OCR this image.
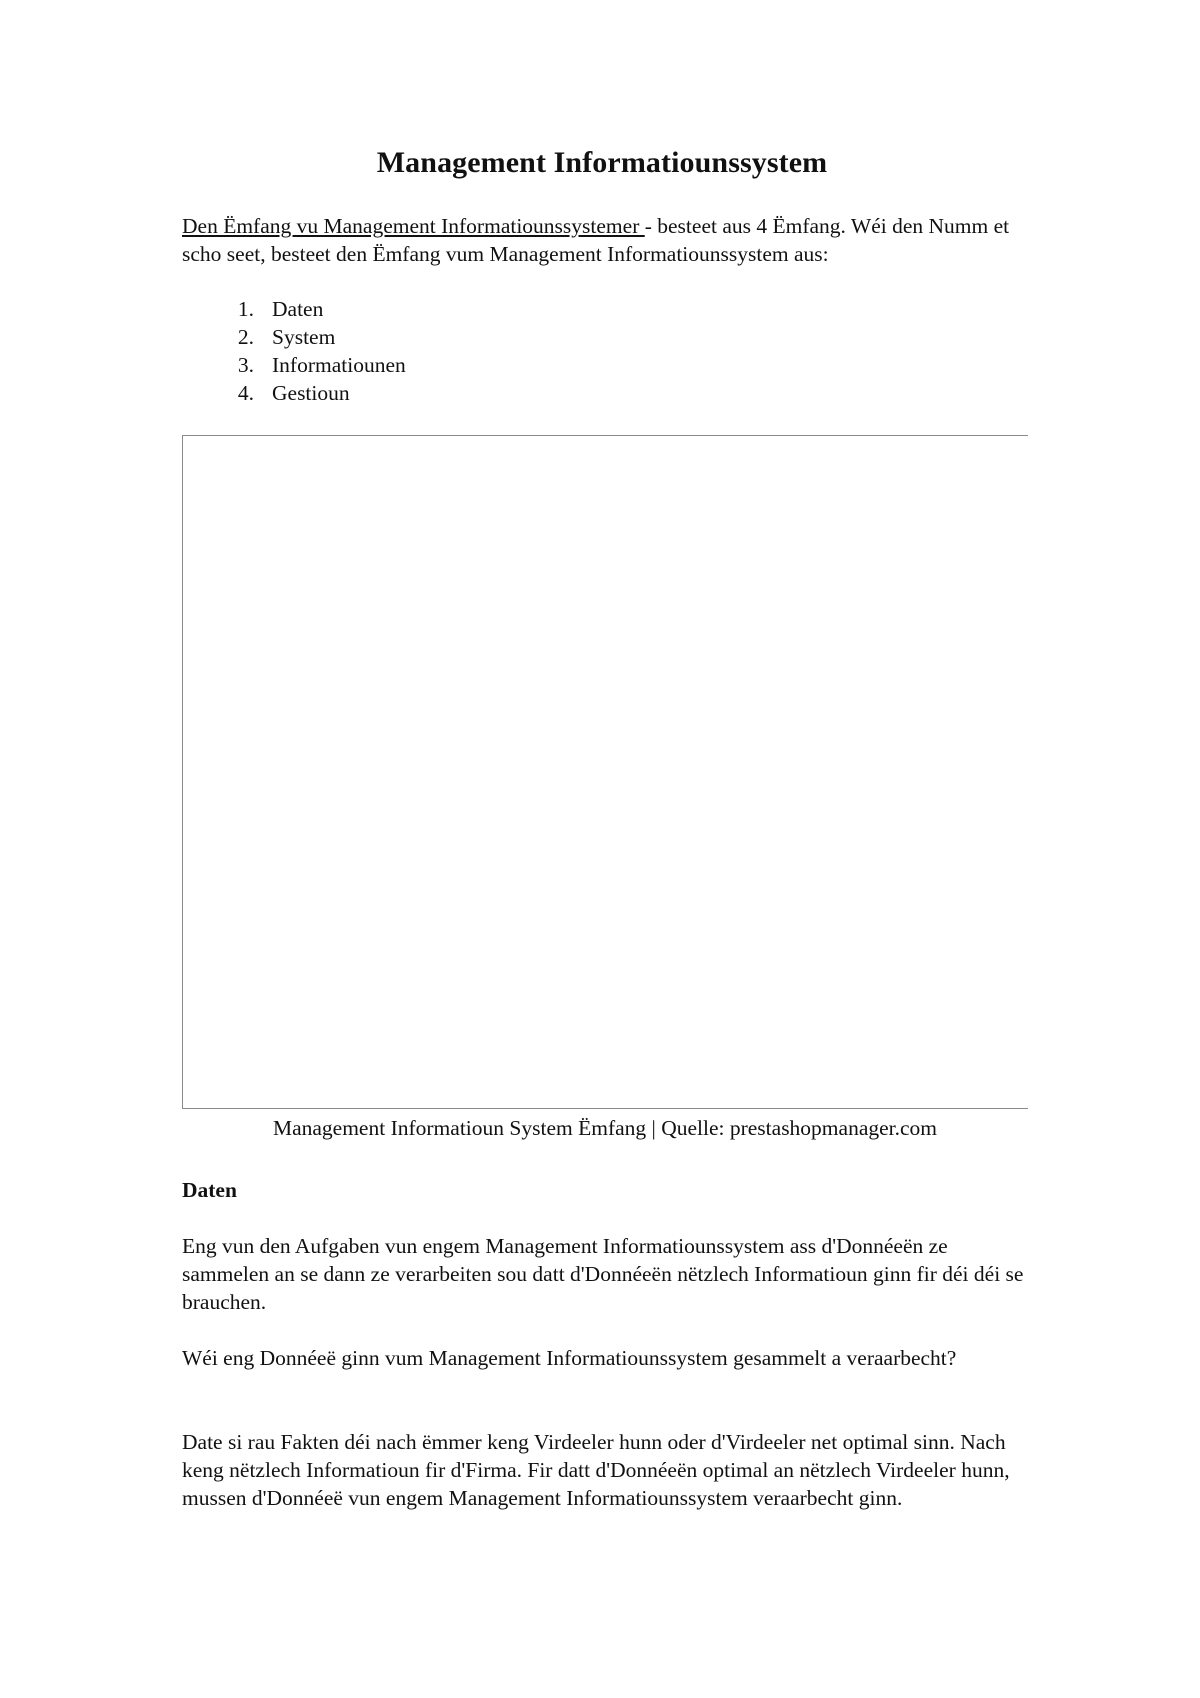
Management Informatiounssystem
Den Ëmfang vu Management Informatiounssystemer - besteet aus 4 Ëmfang. Wéi den Numm et scho seet, besteet den Ëmfang vum Management Informatiounssystem aus:
1 .	Daten
2 .	System
3 .	Informatiounen
4 .	Gestioun
Management Informatioun System Ëmfang | Quelle: prestashopmanager.com
Daten
Eng vun den Aufgaben vun engem Management Informatiounssystem ass d'Donnéeën ze sammelen an se dann ze verarbeiten sou datt d'Donnéeën nëtzlech Informatioun ginn fir déi déi se brauchen.
Wéi eng Donnéeë ginn vum Management Informatiounssystem gesammelt a veraarbecht?
Date si rau Fakten déi nach ëmmer keng Virdeeler hunn oder d'Virdeeler net optimal sinn. Nach keng nëtzlech Informatioun fir d'Firma. Fir datt d'Donnéeën optimal an nëtzlech Virdeeler hunn, mussen d'Donnéeë vun engem Management Informatiounssystem veraarbecht ginn.
